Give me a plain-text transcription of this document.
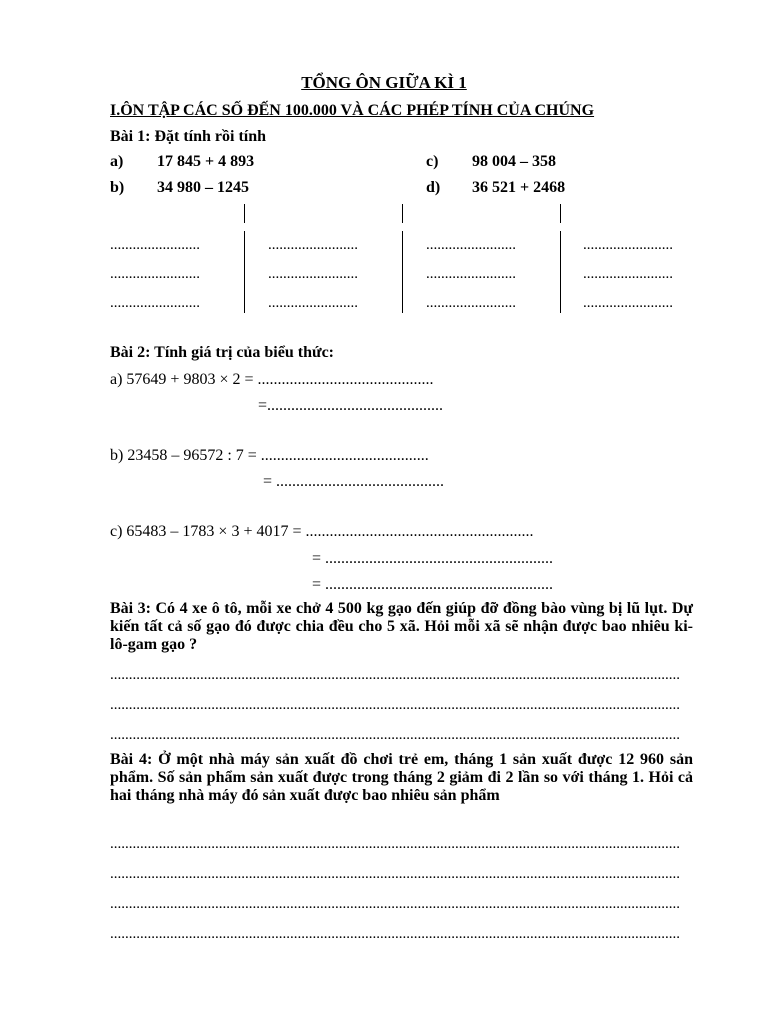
TỔNG ÔN GIỮA KÌ 1
I.ÔN TẬP CÁC SỐ ĐẾN 100.000 VÀ CÁC PHÉP TÍNH CỦA CHÚNG
Bài 1: Đặt tính rồi tính
a) 17 845 + 4 893	c) 98 004 – 358
b) 34 980 – 1245	d) 36 521 + 2468
........................	........................	........................	........................
........................	........................	........................	........................
........................	........................	........................	........................
Bài 2: Tính giá trị của biểu thức:
a) 57649 + 9803 × 2 = ............................................
=............................................
b) 23458 – 96572 : 7 = ..........................................
= ..........................................
c) 65483 – 1783 × 3 + 4017 = .........................................................
= .........................................................
= .........................................................
Bài 3: Có 4 xe ô tô, mỗi xe chở 4 500 kg gạo đến giúp đỡ đồng bào vùng bị lũ lụt. Dự kiến tất cả số gạo đó được chia đều cho 5 xã. Hỏi mỗi xã sẽ nhận được bao nhiêu ki-lô-gam gạo ?
........................................................................................................................................................
........................................................................................................................................................
........................................................................................................................................................
Bài 4: Ở một nhà máy sản xuất đồ chơi trẻ em, tháng 1 sản xuất được 12 960 sản phẩm. Số sản phẩm sản xuất được trong tháng 2 giảm đi 2 lần so với tháng 1. Hỏi cả hai tháng nhà máy đó sản xuất được bao nhiêu sản phẩm
........................................................................................................................................................
........................................................................................................................................................
........................................................................................................................................................
........................................................................................................................................................
